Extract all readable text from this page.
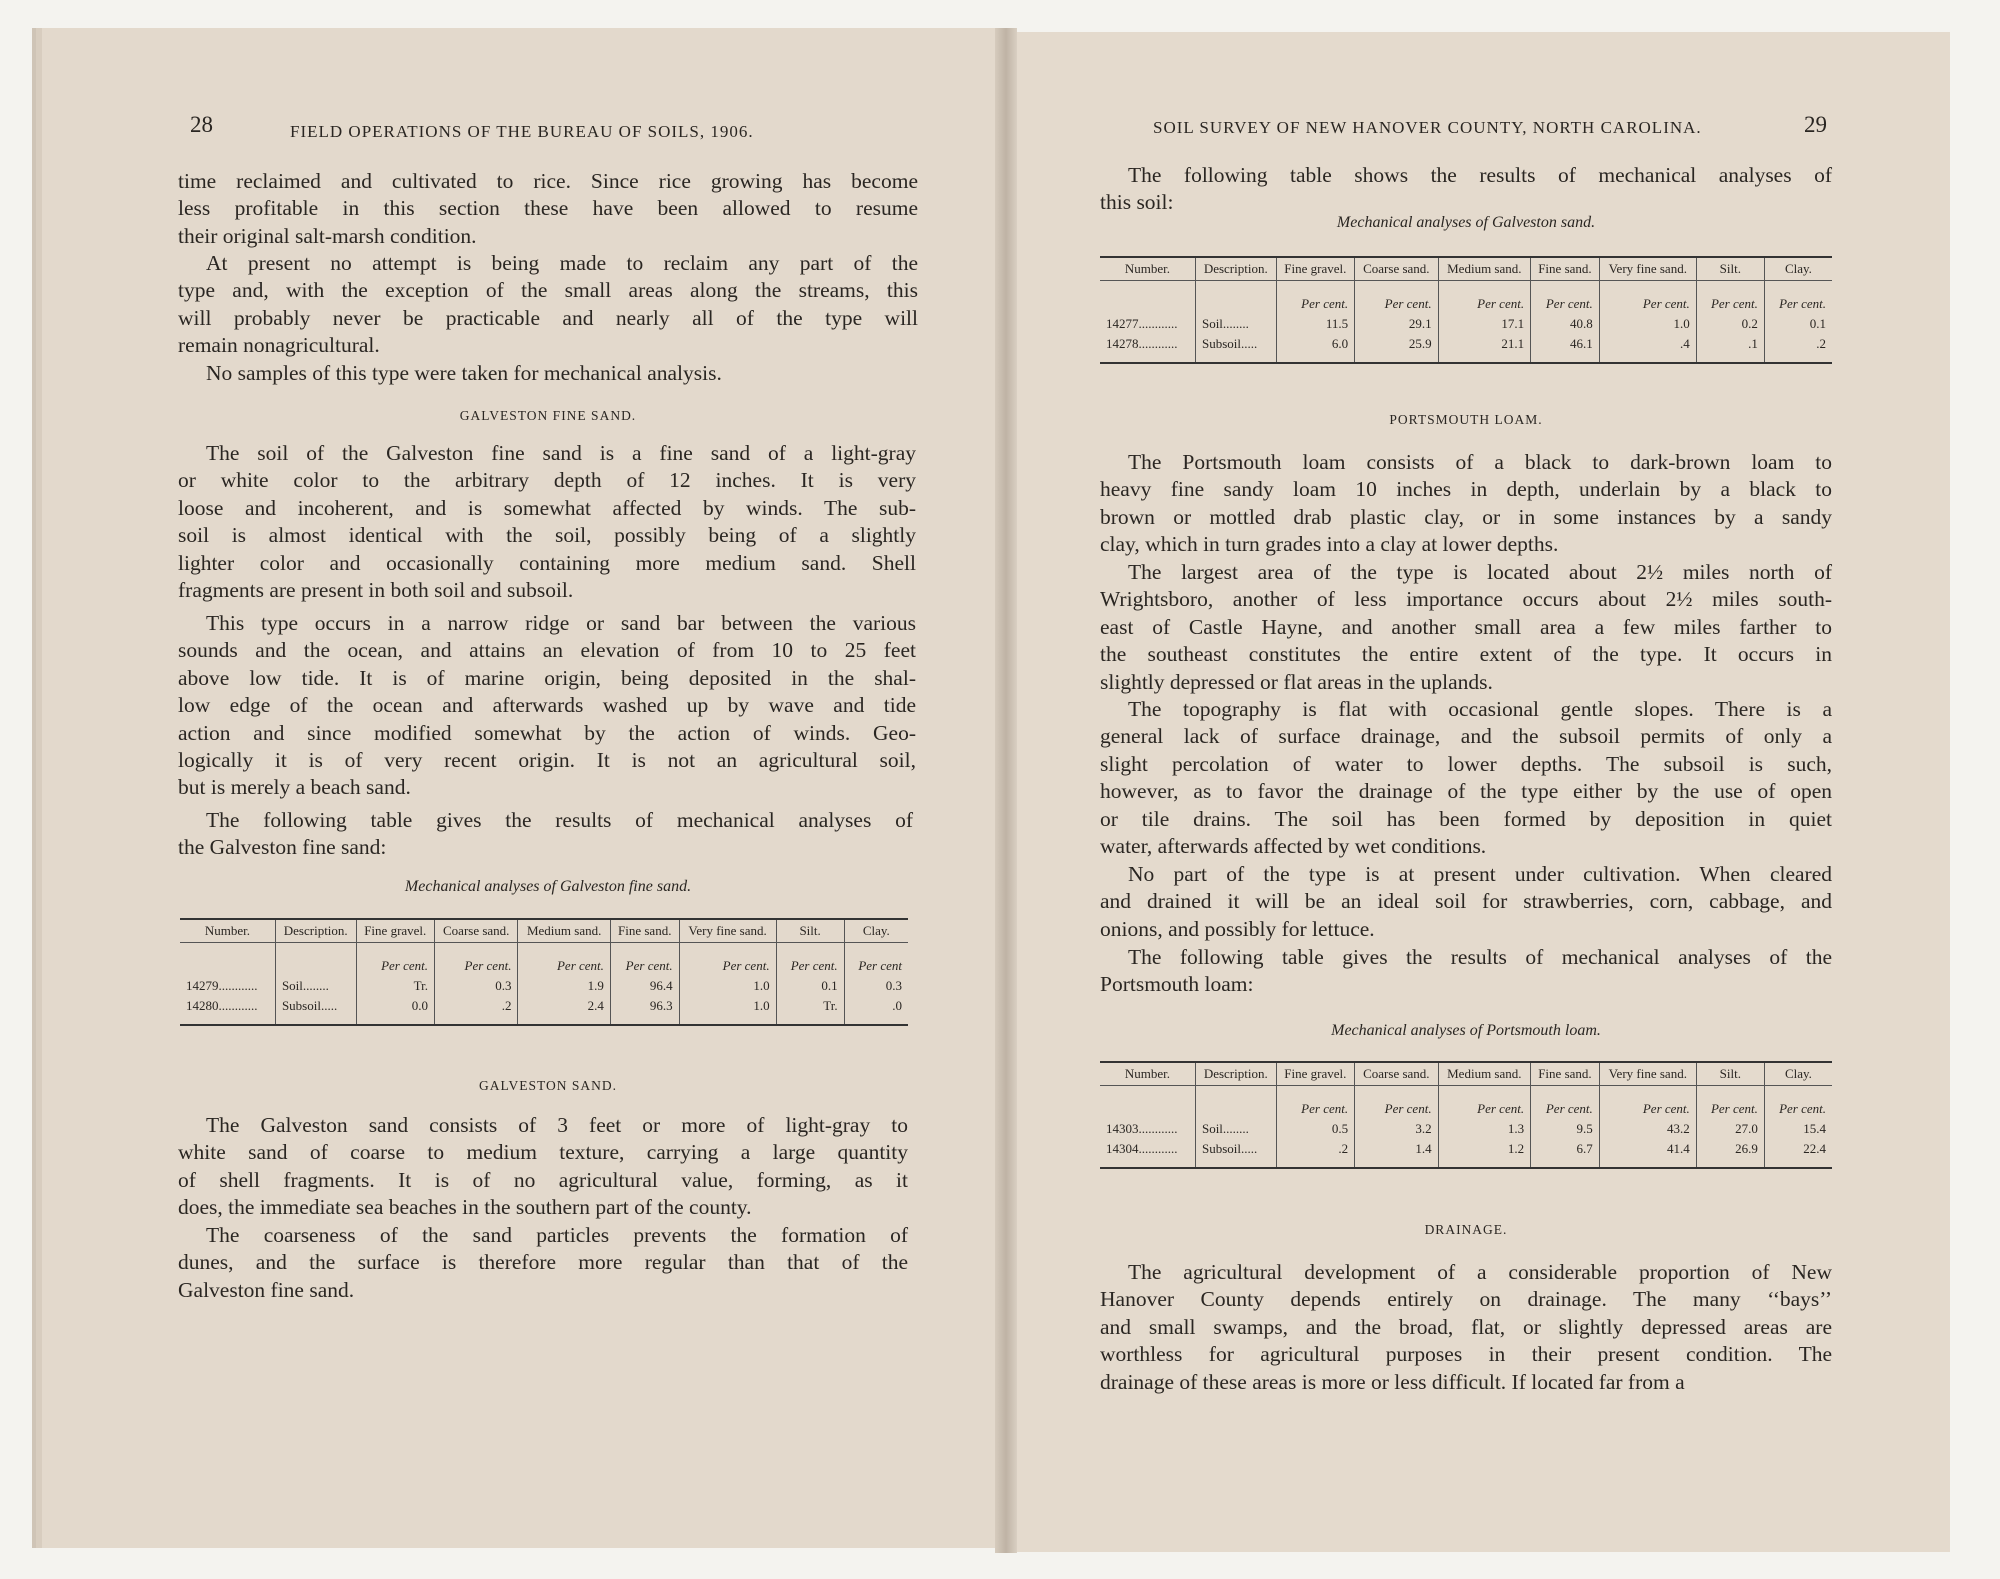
28	FIELD OPERATIONS OF THE BUREAU OF SOILS, 1906.
time reclaimed and cultivated to rice. Since rice growing has become
less profitable in this section these have been allowed to resume
their original salt-marsh condition.
At present no attempt is being made to reclaim any part of the
type and, with the exception of the small areas along the streams, this
will probably never be practicable and nearly all of the type will
remain nonagricultural.
No samples of this type were taken for mechanical analysis.
GALVESTON FINE SAND.
The soil of the Galveston fine sand is a fine sand of a light-gray
or white color to the arbitrary depth of 12 inches. It is very
loose and incoherent, and is somewhat affected by winds. The sub-
soil is almost identical with the soil, possibly being of a slightly
lighter color and occasionally containing more medium sand. Shell
fragments are present in both soil and subsoil.
This type occurs in a narrow ridge or sand bar between the various
sounds and the ocean, and attains an elevation of from 10 to 25 feet
above low tide. It is of marine origin, being deposited in the shal-
low edge of the ocean and afterwards washed up by wave and tide
action and since modified somewhat by the action of winds. Geo-
logically it is of very recent origin. It is not an agricultural soil,
but is merely a beach sand.
The following table gives the results of mechanical analyses of
the Galveston fine sand:
Mechanical analyses of Galveston fine sand.
Number.	Description.	Fine gravel.	Coarse sand.	Medium sand.	Fine sand.	Very fine sand.	Silt.	Clay.
		Per cent.	Per cent.	Per cent.	Per cent.	Per cent.	Per cent.	Per cent
14279............	Soil........	Tr.	0.3	1.9	96.4	1.0	0.1	0.3
14280............	Subsoil.....	0.0	.2	2.4	96.3	1.0	Tr.	.0

GALVESTON SAND.
The Galveston sand consists of 3 feet or more of light-gray to
white sand of coarse to medium texture, carrying a large quantity
of shell fragments. It is of no agricultural value, forming, as it
does, the immediate sea beaches in the southern part of the county.
The coarseness of the sand particles prevents the formation of
dunes, and the surface is therefore more regular than that of the
Galveston fine sand.
SOIL SURVEY OF NEW HANOVER COUNTY, NORTH CAROLINA.	29
The following table shows the results of mechanical analyses of
this soil:
Mechanical analyses of Galveston sand.
Number.	Description.	Fine gravel.	Coarse sand.	Medium sand.	Fine sand.	Very fine sand.	Silt.	Clay.
		Per cent.	Per cent.	Per cent.	Per cent.	Per cent.	Per cent.	Per cent.
14277............	Soil........	11.5	29.1	17.1	40.8	1.0	0.2	0.1
14278............	Subsoil.....	6.0	25.9	21.1	46.1	.4	.1	.2

PORTSMOUTH LOAM.
The Portsmouth loam consists of a black to dark-brown loam to
heavy fine sandy loam 10 inches in depth, underlain by a black to
brown or mottled drab plastic clay, or in some instances by a sandy
clay, which in turn grades into a clay at lower depths.
The largest area of the type is located about 2½ miles north of
Wrightsboro, another of less importance occurs about 2½ miles south-
east of Castle Hayne, and another small area a few miles farther to
the southeast constitutes the entire extent of the type. It occurs in
slightly depressed or flat areas in the uplands.
The topography is flat with occasional gentle slopes. There is a
general lack of surface drainage, and the subsoil permits of only a
slight percolation of water to lower depths. The subsoil is such,
however, as to favor the drainage of the type either by the use of open
or tile drains. The soil has been formed by deposition in quiet
water, afterwards affected by wet conditions.
No part of the type is at present under cultivation. When cleared
and drained it will be an ideal soil for strawberries, corn, cabbage, and
onions, and possibly for lettuce.
The following table gives the results of mechanical analyses of the
Portsmouth loam:
Mechanical analyses of Portsmouth loam.
Number.	Description.	Fine gravel.	Coarse sand.	Medium sand.	Fine sand.	Very fine sand.	Silt.	Clay.
		Per cent.	Per cent.	Per cent.	Per cent.	Per cent.	Per cent.	Per cent.
14303............	Soil........	0.5	3.2	1.3	9.5	43.2	27.0	15.4
14304............	Subsoil.....	.2	1.4	1.2	6.7	41.4	26.9	22.4

DRAINAGE.
The agricultural development of a considerable proportion of New
Hanover County depends entirely on drainage. The many ‘‘bays’’
and small swamps, and the broad, flat, or slightly depressed areas are
worthless for agricultural purposes in their present condition. The
drainage of these areas is more or less difficult. If located far from a
